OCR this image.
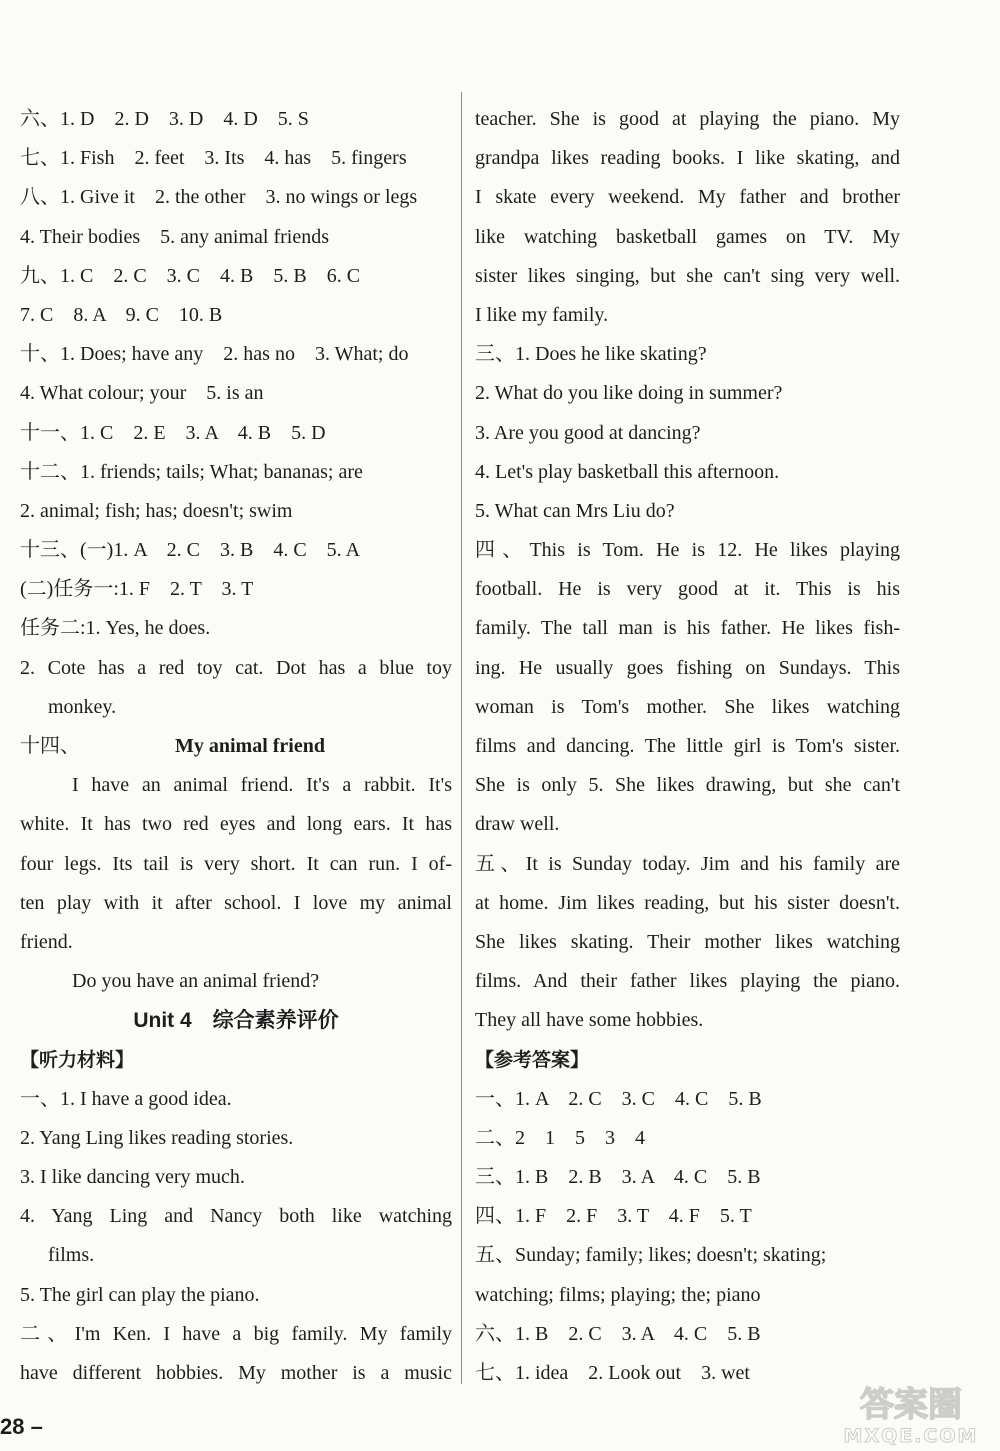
六、1. D　2. D　3. D　4. D　5. S
七、1. Fish　2. feet　3. Its　4. has　5. fingers
八、1. Give it　2. the other　3. no wings or legs
4. Their bodies　5. any animal friends
九、1. C　2. C　3. C　4. B　5. B　6. C
7. C　8. A　9. C　10. B
十、1. Does; have any　2. has no　3. What; do
4. What colour; your　5. is an
十一、1. C　2. E　3. A　4. B　5. D
十二、1. friends; tails; What; bananas; are
2. animal; fish; has; doesn't; swim
十三、(一)1. A　2. C　3. B　4. C　5. A
(二)任务一:1. F　2. T　3. T
任务二:1. Yes, he does.
2. Cote has a red toy cat. Dot has a blue toy
monkey.
十四、	My animal friend
I have an animal friend. It's a rabbit. It's
white. It has two red eyes and long ears. It has
four legs. Its tail is very short. It can run. I of-
ten play with it after school. I love my animal
friend.
Do you have an animal friend?
Unit 4　综合素养评价
【听力材料】
一、1. I have a good idea.
2. Yang Ling likes reading stories.
3. I like dancing very much.
4. Yang Ling and Nancy both like watching
films.
5. The girl can play the piano.
二、I'm Ken. I have a big family. My family
have different hobbies. My mother is a music
teacher. She is good at playing the piano. My
grandpa likes reading books. I like skating, and
I skate every weekend. My father and brother
like watching basketball games on TV. My
sister likes singing, but she can't sing very well.
I like my family.
三、1. Does he like skating?
2. What do you like doing in summer?
3. Are you good at dancing?
4. Let's play basketball this afternoon.
5. What can Mrs Liu do?
四、This is Tom. He is 12. He likes playing
football. He is very good at it. This is his
family. The tall man is his father. He likes fish-
ing. He usually goes fishing on Sundays. This
woman is Tom's mother. She likes watching
films and dancing. The little girl is Tom's sister.
She is only 5. She likes drawing, but she can't
draw well.
五、It is Sunday today. Jim and his family are
at home. Jim likes reading, but his sister doesn't.
She likes skating. Their mother likes watching
films. And their father likes playing the piano.
They all have some hobbies.
【参考答案】
一、1. A　2. C　3. C　4. C　5. B
二、2　1　5　3　4
三、1. B　2. B　3. A　4. C　5. B
四、1. F　2. F　3. T　4. F　5. T
五、Sunday; family; likes; doesn't; skating;
watching; films; playing; the; piano
六、1. B　2. C　3. A　4. C　5. B
七、1. idea　2. Look out　3. wet
28 –
答案圈
MXQE.COM
